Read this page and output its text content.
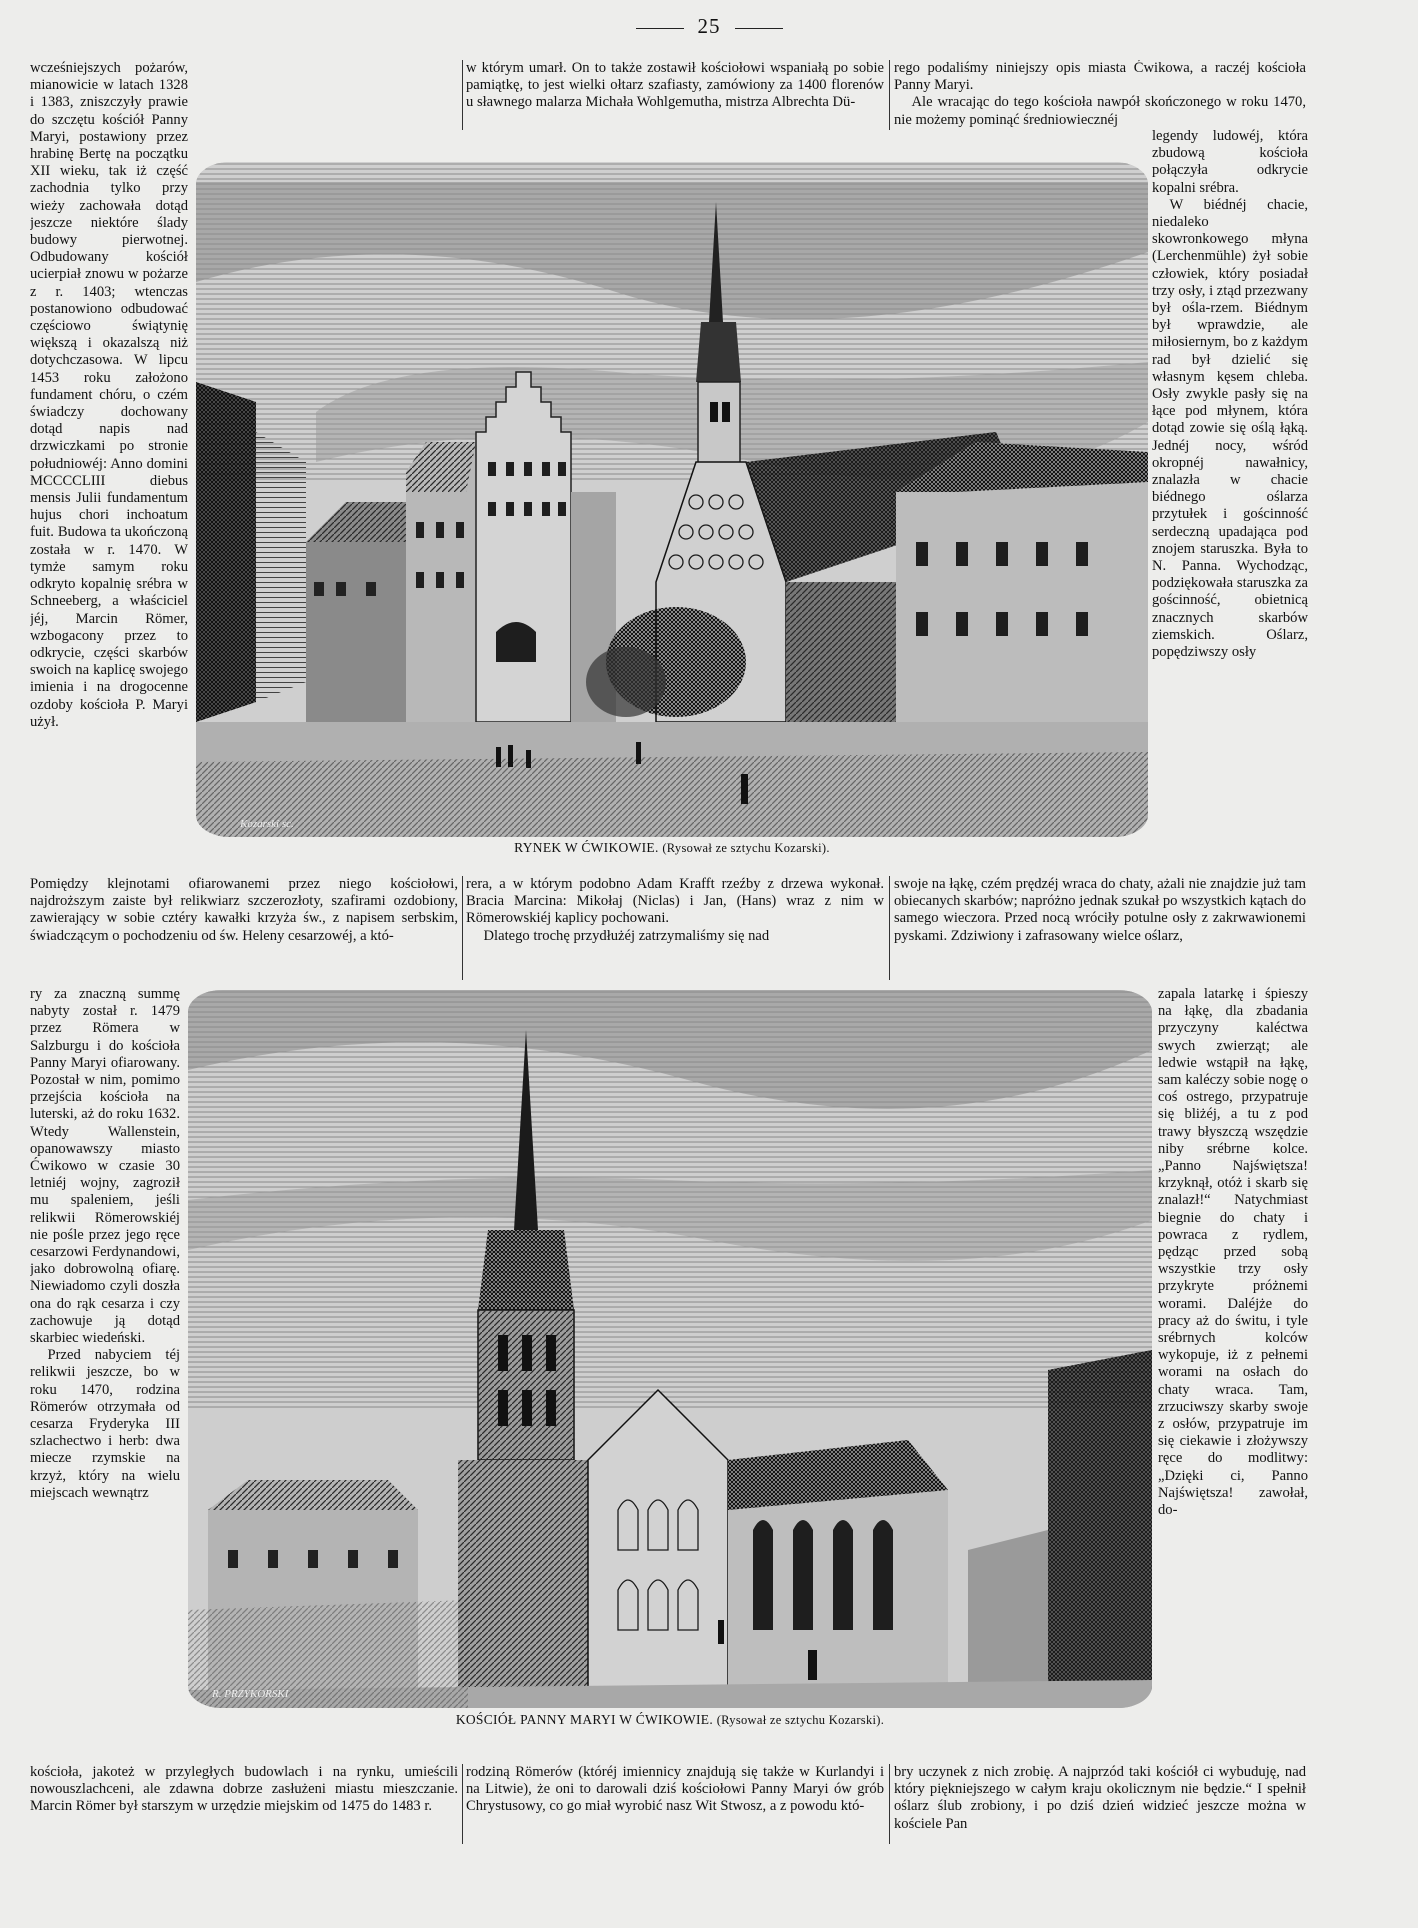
25
Kozarski sc.
RYNEK W ĆWIKOWIE. (Rysował ze sztychu Kozarski).
R. PRZYKORSKI
KOŚCIÓŁ PANNY MARYI W ĆWIKOWIE. (Rysował ze sztychu Kozarski).

w którym umarł. On to także zostawił kościołowi wspaniałą po sobie pamiątkę, to jest wielki ołtarz szafiasty, zamówiony za 1400 florenów u sławnego malarza Michała Wohlgemutha, mistrza Albrechta Dü-

rego podaliśmy niniejszy opis miasta Ćwikowa, a raczéj kościoła Panny Maryi.

Ale wracając do tego kościoła nawpół skończonego w roku 1470, nie możemy pominąć średniowiecznéj

wcześniejszych pożarów, mianowicie w latach 1328 i 1383, zniszczyły prawie do szczętu kościół Panny Maryi, postawiony przez hrabinę Bertę na początku XII wieku, tak iż część zachodnia tylko przy wieży zachowała dotąd jeszcze niektóre ślady budowy pierwotnej. Odbudowany kościół ucierpiał znowu w pożarze z r. 1403; wtenczas postanowiono odbudować częściowo świątynię większą i okazalszą niż dotychczasowa. W lipcu 1453 roku założono fundament chóru, o czém świadczy dochowany dotąd napis nad drzwiczkami po stronie południowéj: Anno domini MCCCCLIII diebus mensis Julii fundamentum hujus chori inchoatum fuit. Budowa ta ukończoną została w r. 1470. W tymże samym roku odkryto kopalnię srébra w Schneeberg, a właściciel jéj, Marcin Römer, wzbogacony przez to odkrycie, części skarbów swoich na kaplicę swojego imienia i na drogocenne ozdoby kościoła P. Maryi użył.

legendy ludowéj, która zbudową kościoła połączyła odkrycie kopalni srébra.

W biédnéj chacie, niedaleko skowronkowego młyna (Lerchenmühle) żył sobie człowiek, który posiadał trzy osły, i ztąd przezwany był ośla-rzem. Biédnym był wprawdzie, ale miłosiernym, bo z każdym rad był dzielić się własnym kęsem chleba. Osły zwykle pasły się na łące pod młynem, która dotąd zowie się oślą łąką. Jednéj nocy, wśród okropnéj nawałnicy, znalazła w chacie biédnego oślarza przytułek i gościnność serdeczną upadająca pod znojem staruszka. Była to N. Panna. Wychodząc, podziękowała staruszka za gościnność, obietnicą znacznych skarbów ziemskich. Oślarz, popędziwszy osły

Pomiędzy klejnotami ofiarowanemi przez niego kościołowi, najdroższym zaiste był relikwiarz szczerozłoty, szafirami ozdobiony, zawierający w sobie cztéry kawałki krzyża św., z napisem serbskim, świadczącym o pochodzeniu od św. Heleny cesarzowéj, a któ-

rera, a w którym podobno Adam Krafft rzeźby z drzewa wykonał. Bracia Marcina: Mikołaj (Niclas) i Jan, (Hans) wraz z nim w Römerowskiéj kaplicy pochowani.

Dlatego trochę przydłużéj zatrzymaliśmy się nad

swoje na łąkę, czém prędzéj wraca do chaty, ażali nie znajdzie już tam obiecanych skarbów; napróżno jednak szukał po wszystkich kątach do samego wieczora. Przed nocą wróciły potulne osły z zakrwawionemi pyskami. Zdziwiony i zafrasowany wielce oślarz,

ry za znaczną summę nabyty został r. 1479 przez Römera w Salzburgu i do kościoła Panny Maryi ofiarowany. Pozostał w nim, pomimo przejścia kościoła na luterski, aż do roku 1632. Wtedy Wallenstein, opanowawszy miasto Ćwikowo w czasie 30 letniéj wojny, zagroził mu spaleniem, jeśli relikwii Römerowskiéj nie pośle przez jego ręce cesarzowi Ferdynandowi, jako dobrowolną ofiarę. Niewiadomo czyli doszła ona do rąk cesarza i czy zachowuje ją dotąd skarbiec wiedeński.

Przed nabyciem téj relikwii jeszcze, bo w roku 1470, rodzina Römerów otrzymała od cesarza Fryderyka III szlachectwo i herb: dwa miecze rzymskie na krzyż, który na wielu miejscach wewnątrz

zapala latarkę i śpieszy na łąkę, dla zbadania przyczyny kaléctwa swych zwierząt; ale ledwie wstąpił na łąkę, sam kaléczy sobie nogę o coś ostrego, przypatruje się bliżéj, a tu z pod trawy błyszczą wszędzie niby srébrne kolce. „Panno Najświętsza! krzyknął, otóż i skarb się znalazł!“ Natychmiast biegnie do chaty i powraca z rydlem, pędząc przed sobą wszystkie trzy osły przykryte próżnemi worami. Daléjże do pracy aż do świtu, i tyle srébrnych kolców wykopuje, iż z pełnemi worami na osłach do chaty wraca. Tam, zrzuciwszy skarby swoje z osłów, przypatruje im się ciekawie i złożywszy ręce do modlitwy: „Dzięki ci, Panno Najświętsza! zawołał, do-

kościoła, jakoteż w przyległych budowlach i na rynku, umieścili nowouszlachceni, ale zdawna dobrze zasłużeni miastu mieszczanie. Marcin Römer był starszym w urzędzie miejskim od 1475 do 1483 r.

rodziną Römerów (któréj imiennicy znajdują się także w Kurlandyi i na Litwie), że oni to darowali dziś kościołowi Panny Maryi ów grób Chrystusowy, co go miał wyrobić nasz Wit Stwosz, a z powodu któ-

bry uczynek z nich zrobię. A najprzód taki kościół ci wybuduję, nad który piękniejszego w całym kraju okolicznym nie będzie.“ I spełnił oślarz ślub zrobiony, i po dziś dzień widzieć jeszcze można w kościele Pan
